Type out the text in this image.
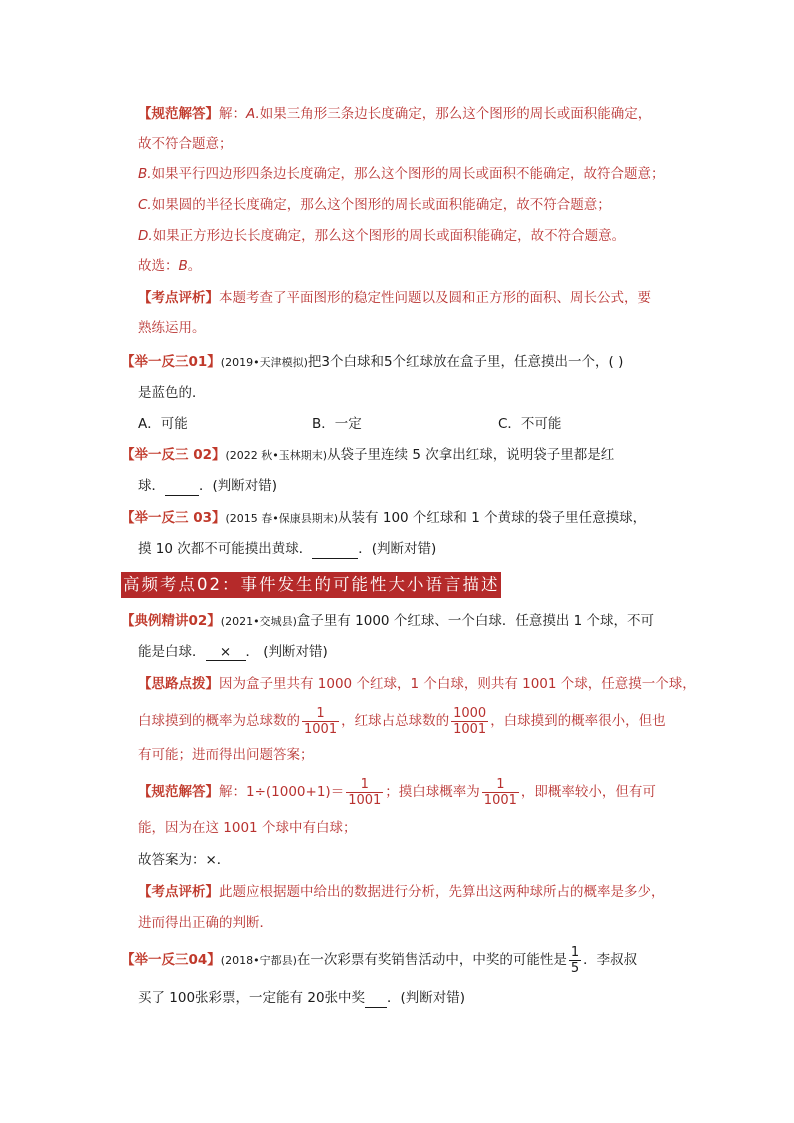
【规范解答】解：A.如果三角形三条边长度确定，那么这个图形的周长或面积能确定，
故不符合题意；
B.如果平行四边形四条边长度确定，那么这个图形的周长或面积不能确定，故符合题意；
C.如果圆的半径长度确定，那么这个图形的周长或面积能确定，故不符合题意；
D.如果正方形边长长度确定，那么这个图形的周长或面积能确定，故不符合题意。
故选：B。
【考点评析】本题考查了平面图形的稳定性问题以及圆和正方形的面积、周长公式，要
熟练运用。
【举一反三01】(2019•天津模拟)把3个白球和5个红球放在盒子里，任意摸出一个，( )
是蓝色的．
A．可能	B．一定	C．不可能
【举一反三 02】(2022 秋•玉林期末)从袋子里连续 5 次拿出红球，说明袋子里都是红
球．	．(判断对错)
【举一反三 03】(2015 春•保康县期末)从装有 100 个红球和 1 个黄球的袋子里任意摸球，
摸 10 次都不可能摸出黄球．	．(判断对错)
高频考点02：事件发生的可能性大小语言描述
【典例精讲02】(2021•交城县)盒子里有 1000 个红球、一个白球．任意摸出 1 个球，不可
能是白球． × ． (判断对错)
【思路点拨】因为盒子里共有 1000 个红球，1 个白球，则共有 1001 个球，任意摸一个球，
白球摸到的概率为总球数的 $\frac{1}{1001}$ ，红球占总球数的 $\frac{1000}{1001}$ ，白球摸到的概率很小，但也
有可能；进而得出问题答案；
【规范解答】解：$1\div(1000+1)= \frac{1}{1001}$ ；摸白球概率为 $\frac{1}{1001}$ ，即概率较小，但有可
能，因为在这 1001 个球中有白球；
故答案为：×．
【考点评析】此题应根据题中给出的数据进行分析，先算出这两种球所占的概率是多少，
进而得出正确的判断．
【举一反三04】(2018•宁都县)在一次彩票有奖销售活动中，中奖的可能性是 $\frac{1}{5}$ ．李叔叔
买了 100张彩票，一定能有 20张中奖 ．(判断对错)
